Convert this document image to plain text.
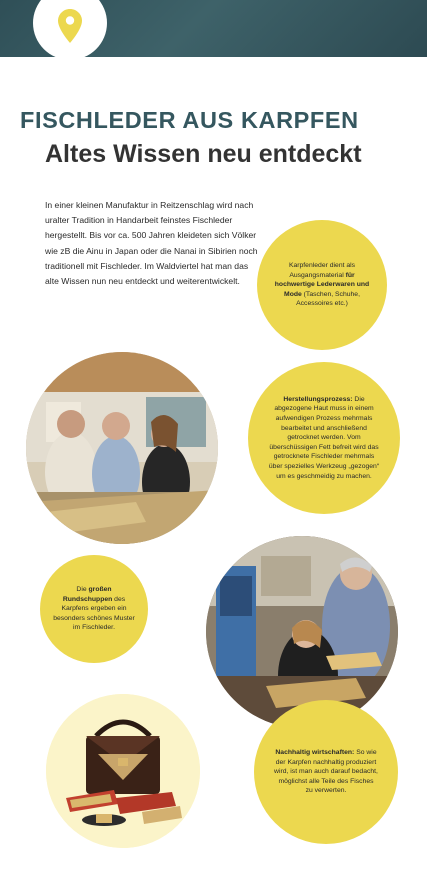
FISCHLEDER AUS KARPFEN
Altes Wissen neu entdeckt

In einer kleinen Manufaktur in Reitzenschlag wird nach uralter Tradition in Handarbeit feinstes Fischleder hergestellt. Bis vor ca. 500 Jahren kleideten sich Völker wie zB die Ainu in Japan oder die Nanai in Sibirien noch traditionell mit Fischleder. Im Waldviertel hat man das alte Wissen nun neu entdeckt und weiterentwickelt.

Karpfenleder dient als Ausgangsmaterial für hochwertige Lederwaren und Mode (Taschen, Schuhe, Accessoires etc.)
Herstellungsprozess: Die abgezogene Haut muss in einem aufwendigen Prozess mehrmals bearbeitet und anschließend getrocknet werden. Vom überschüssigen Fett befreit wird das getrocknete Fischleder mehrmals über spezielles Werkzeug „gezogen“ um es geschmeidig zu machen.
Die großen Rundschuppen des Karpfens ergeben ein besonders schönes Muster im Fischleder.
Nachhaltig wirtschaften: So wie der Karpfen nachhaltig produziert wird, ist man auch darauf bedacht, möglichst alle Teile des Fisches zu verwerten.
